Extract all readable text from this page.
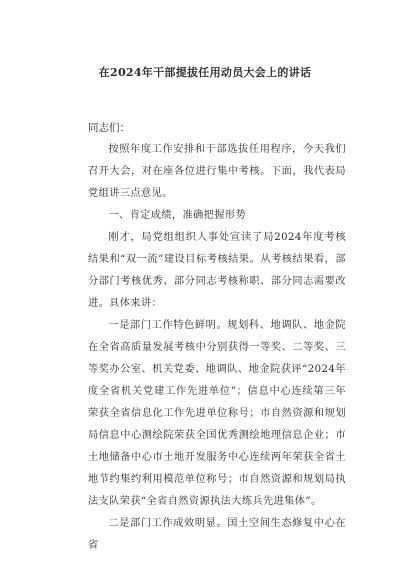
在2024年干部提拔任用动员大会上的讲话

同志们：

按照年度工作安排和干部选拔任用程序，今天我们召开大会，对在座各位进行集中考核。下面，我代表局党组讲三点意见。

一、肯定成绩，准确把握形势

刚才，局党组组织人事处宣读了局2024年度考核结果和“双一流”建设目标考核结果。从考核结果看，部分部门考核优秀、部分同志考核称职、部分同志需要改进。具体来讲：

一是部门工作特色鲜明。规划科、地调队、地金院在全省高质量发展考核中分别获得一等奖、二等奖、三等奖办公室、机关党委、地调队、地金院获评“2024年度全省机关党建工作先进单位”；信息中心连续第三年荣获全省信息化工作先进单位称号；市自然资源和规划局信息中心测绘院荣获全国优秀测绘地理信息企业；市土地储备中心市土地开发服务中心连续两年荣获全省土地节约集约利用模范单位称号；市自然资源和规划局执法支队荣获“全省自然资源执法大练兵先进集体”。

二是部门工作成效明显。国土空间生态修复中心在省
